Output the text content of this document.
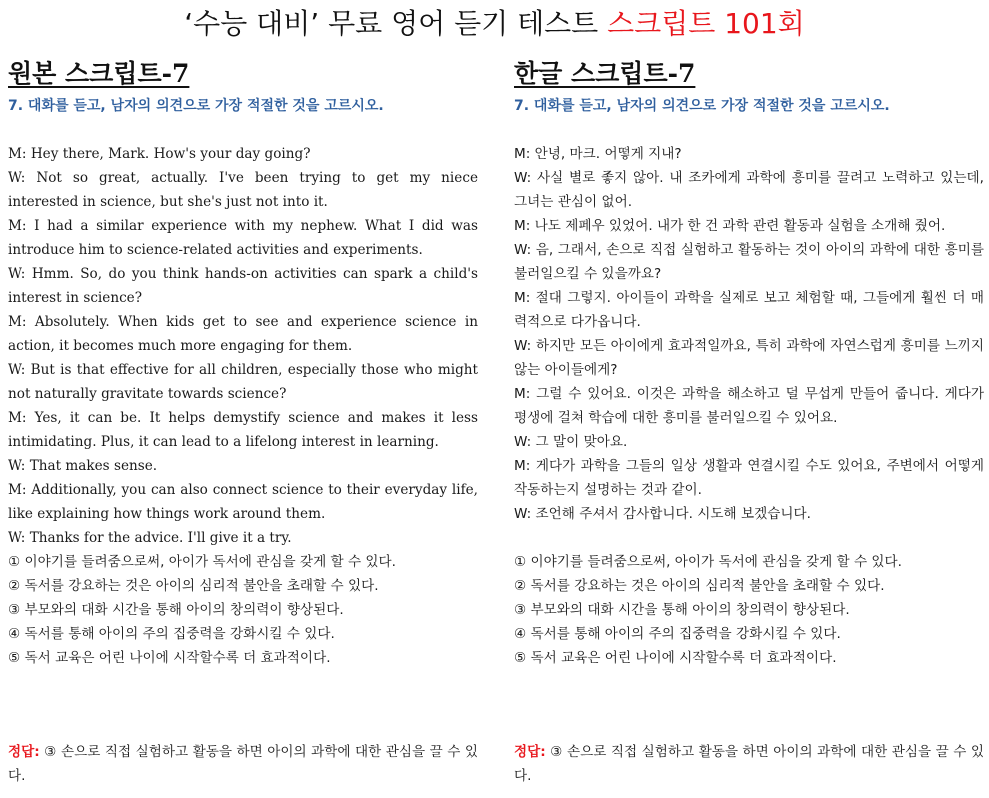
‘수능 대비’ 무료 영어 듣기 테스트 스크립트 101회
원본 스크립트-7
7. 대화를 듣고, 남자의 의견으로 가장 적절한 것을 고르시오.
M: Hey there, Mark. How's your day going?
W: Not so great, actually. I've been trying to get my niece interested in science, but she's just not into it.
M: I had a similar experience with my nephew. What I did was introduce him to science-related activities and experiments.
W: Hmm. So, do you think hands-on activities can spark a child's interest in science?
M: Absolutely. When kids get to see and experience science in action, it becomes much more engaging for them.
W: But is that effective for all children, especially those who might not naturally gravitate towards science?
M: Yes, it can be. It helps demystify science and makes it less intimidating. Plus, it can lead to a lifelong interest in learning.
W: That makes sense.
M: Additionally, you can also connect science to their everyday life, like explaining how things work around them.
W: Thanks for the advice. I'll give it a try.
① 이야기를 들려줌으로써, 아이가 독서에 관심을 갖게 할 수 있다.
② 독서를 강요하는 것은 아이의 심리적 불안을 초래할 수 있다.
③ 부모와의 대화 시간을 통해 아이의 창의력이 향상된다.
④ 독서를 통해 아이의 주의 집중력을 강화시킬 수 있다.
⑤ 독서 교육은 어린 나이에 시작할수록 더 효과적이다.
한글 스크립트-7
7. 대화를 듣고, 남자의 의견으로 가장 적절한 것을 고르시오.
M: 안녕, 마크. 어떻게 지내?
W: 사실 별로 좋지 않아. 내 조카에게 과학에 흥미를 끌려고 노력하고 있는데, 그녀는 관심이 없어.
M: 나도 제페우 있었어. 내가 한 건 과학 관련 활동과 실험을 소개해 줬어.
W: 음, 그래서, 손으로 직접 실험하고 활동하는 것이 아이의 과학에 대한 흥미를 불러일으킬 수 있을까요?
M: 절대 그렇지. 아이들이 과학을 실제로 보고 체험할 때, 그들에게 훨씬 더 매력적으로 다가옵니다.
W: 하지만 모든 아이에게 효과적일까요, 특히 과학에 자연스럽게 흥미를 느끼지 않는 아이들에게?
M: 그럴 수 있어요. 이것은 과학을 해소하고 덜 무섭게 만들어 줍니다. 게다가 평생에 걸쳐 학습에 대한 흥미를 불러일으킬 수 있어요.
W: 그 말이 맞아요.
M: 게다가 과학을 그들의 일상 생활과 연결시킬 수도 있어요, 주변에서 어떻게 작동하는지 설명하는 것과 같이.
W: 조언해 주셔서 감사합니다. 시도해 보겠습니다.
① 이야기를 들려줌으로써, 아이가 독서에 관심을 갖게 할 수 있다.
② 독서를 강요하는 것은 아이의 심리적 불안을 초래할 수 있다.
③ 부모와의 대화 시간을 통해 아이의 창의력이 향상된다.
④ 독서를 통해 아이의 주의 집중력을 강화시킬 수 있다.
⑤ 독서 교육은 어린 나이에 시작할수록 더 효과적이다.
정답: ③ 손으로 직접 실험하고 활동을 하면 아이의 과학에 대한 관심을 끌 수 있다.
정답: ③ 손으로 직접 실험하고 활동을 하면 아이의 과학에 대한 관심을 끌 수 있다.
